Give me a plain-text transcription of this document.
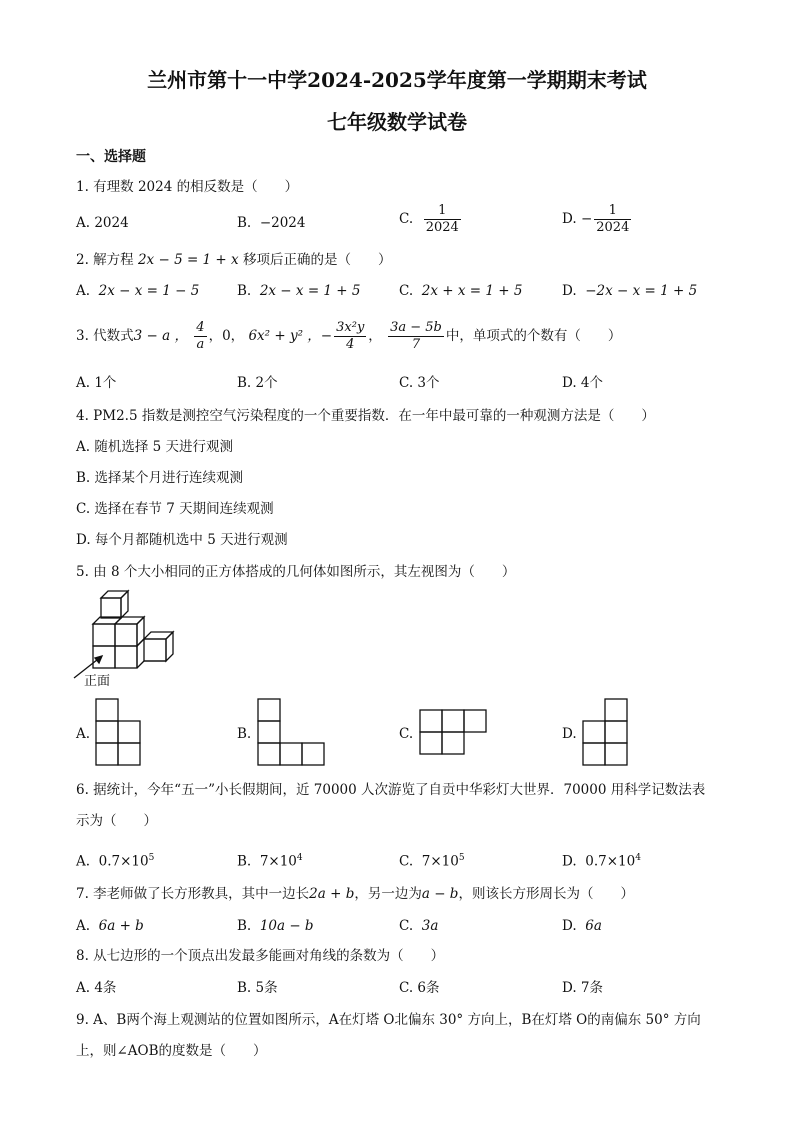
兰州市第十一中学2024-2025学年度第一学期期末考试
七年级数学试卷
一、选择题
1. 有理数 2024 的相反数是（　　）
A. 2024	B. −2024	C. $\frac{1}{2024}$	D. − $\frac{1}{2024}$
2. 解方程 2x − 5 = 1 + x 移项后正确的是（　　）
A. 2x − x = 1 − 5	B. 2x − x = 1 + 5	C. 2x + x = 1 + 5	D. −2x − x = 1 + 5
3. 代数式3 − a ， $\frac{4}{a}$ ，0， 6x² + y² ，− $\frac{\text{3x²y}}{4}$ ， $\frac{3a - 5b}{7}$ 中，单项式的个数有（　　）
A. 1个	B. 2个	C. 3个	D. 4个
4. PM2.5 指数是测控空气污染程度的一个重要指数．在一年中最可靠的一种观测方法是（　　）
A. 随机选择 5 天进行观测
B. 选择某个月进行连续观测
C. 选择在春节 7 天期间连续观测
D. 每个月都随机选中 5 天进行观测
5. 由 8 个大小相同的正方体搭成的几何体如图所示，其左视图为（　　）
正面
A.	B.	C.	D.
6. 据统计，今年“五一”小长假期间，近 70000 人次游览了自贡中华彩灯大世界．70000 用科学记数法表
示为（　　）
A. $0.7\times 10^5$	B. $7\times 10^4$	C. $7\times 10^5$	D. $0.7\times 10^4$
7. 李老师做了长方形教具，其中一边长2a + b，另一边为a − b，则该长方形周长为（　　）
A. 6a + b	B. 10a − b	C. 3a	D. 6a
8. 从七边形的一个顶点出发最多能画对角线的条数为（　　）
A. 4条	B. 5条	C. 6条	D. 7条
9. A、B两个海上观测站的位置如图所示，A在灯塔 O北偏东 30° 方向上，B在灯塔 O的南偏东 50° 方向
上，则∠AOB的度数是（　　）
